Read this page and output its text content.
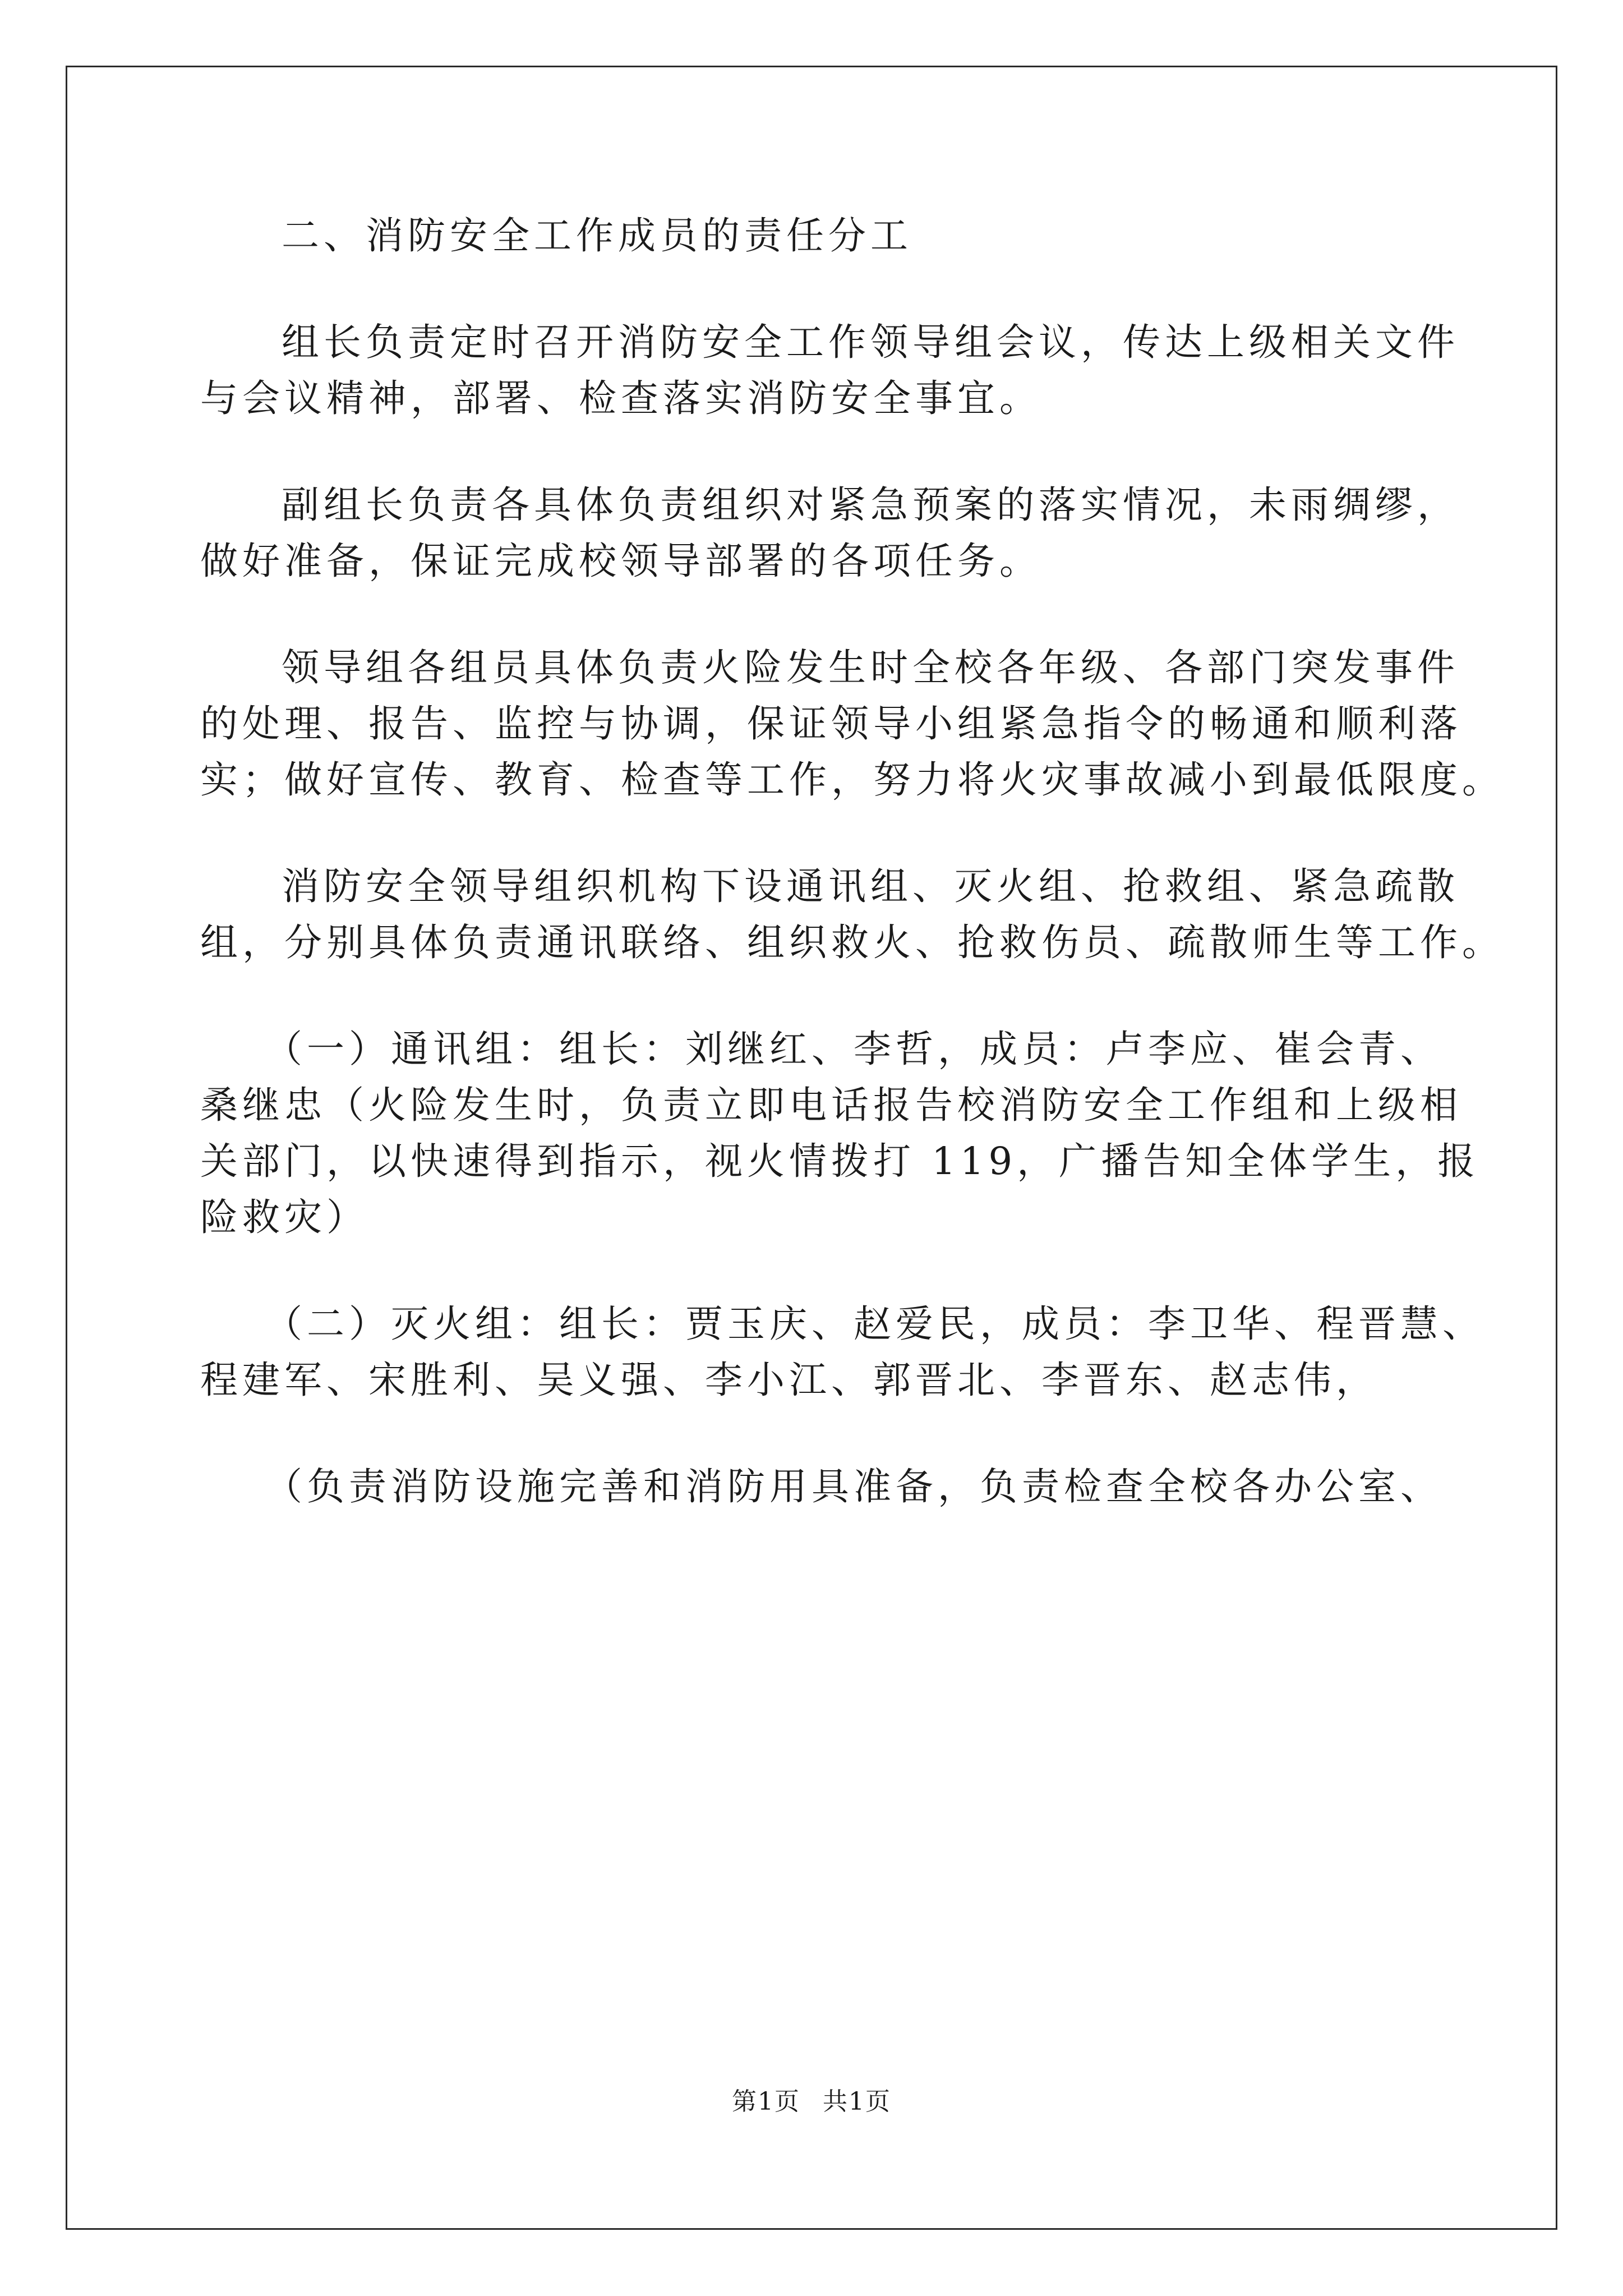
二、消防安全工作成员的责任分工
组长负责定时召开消防安全工作领导组会议，传达上级相关文件
与会议精神，部署、检查落实消防安全事宜。
副组长负责各具体负责组织对紧急预案的落实情况，未雨绸缪，
做好准备，保证完成校领导部署的各项任务。
领导组各组员具体负责火险发生时全校各年级、各部门突发事件
的处理、报告、监控与协调，保证领导小组紧急指令的畅通和顺利落
实；做好宣传、教育、检查等工作，努力将火灾事故减小到最低限度。
消防安全领导组织机构下设通讯组、灭火组、抢救组、紧急疏散
组，分别具体负责通讯联络、组织救火、抢救伤员、疏散师生等工作。
（一）通讯组：组长：刘继红、李哲，成员：卢李应、崔会青、
桑继忠（火险发生时，负责立即电话报告校消防安全工作组和上级相
关部门，以快速得到指示，视火情拨打 119，广播告知全体学生，报
险救灾）
（二）灭火组：组长：贾玉庆、赵爱民，成员：李卫华、程晋慧、
程建军、宋胜利、吴义强、李小江、郭晋北、李晋东、赵志伟，
（负责消防设施完善和消防用具准备，负责检查全校各办公室、
第1页 共1页
